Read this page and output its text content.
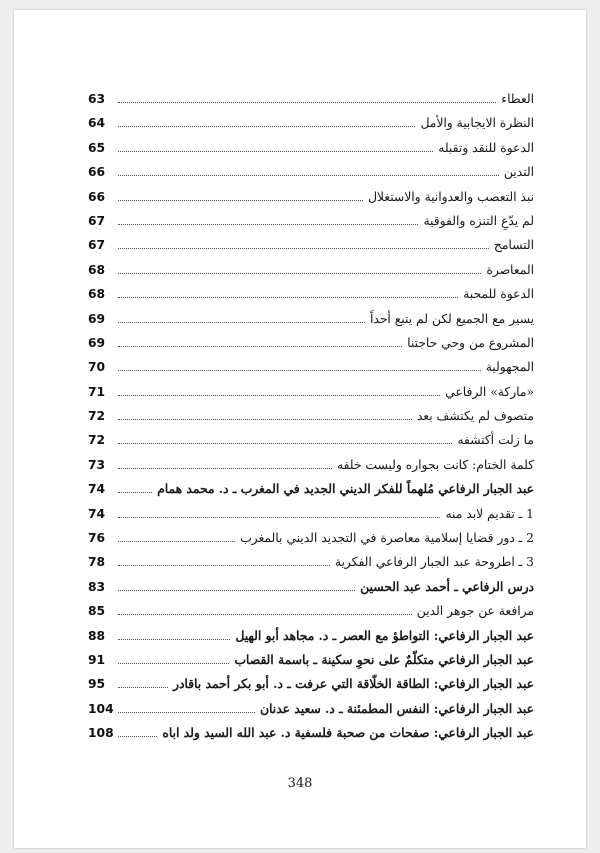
العطاء
63
النظرة الايجابية والأمل
64
الدعوة للنقد وتقبله
65
التدين
66
نبذ التعصب والعدوانية والاستغلال
66
لم يدّعِ التنزه والفوقية
67
التسامح
67
المعاصرة
68
الدعوة للمحبة
68
يسير مع الجميع لكن لم يتبع أحداً
69
المشروع من وحي حاجتنا
69
المجهولية
70
«ماركة» الرفاعي
71
متصوف لم يكتشف بعد
72
ما زلت أكتشفه
72
كلمة الختام: كانت بجواره وليست خلفه
73
عبد الجبار الرفاعي مُلهماً للفكر الديني الجديد في المغرب ـ د. محمد همام
74
1 ـ تقديم لابد منه
74
2 ـ دور قضايا إسلامية معاصرة في التجديد الديني بالمغرب
76
3 ـ اطروحة عبد الجبار الرفاعي الفكرية
78
درس الرفاعي ـ أحمد عبد الحسين
83
مرافعة عن جوهر الدين
85
عبد الجبار الرفاعي: التواطؤ مع العصر ـ د. مجاهد أبو الهيل
88
عبد الجبار الرفاعي متكلّمٌ على نحوِ سكينة ـ باسمة القصاب
91
عبد الجبار الرفاعي: الطاقة الخلّاقة التي عرفت ـ د. أبو بكر أحمد باقادر
95
عبد الجبار الرفاعي: النفس المطمئنة ـ د. سعيد عدنان
104
عبد الجبار الرفاعي: صفحات من صحبة فلسفية د. عبد الله السيد ولد اباه
108
348
